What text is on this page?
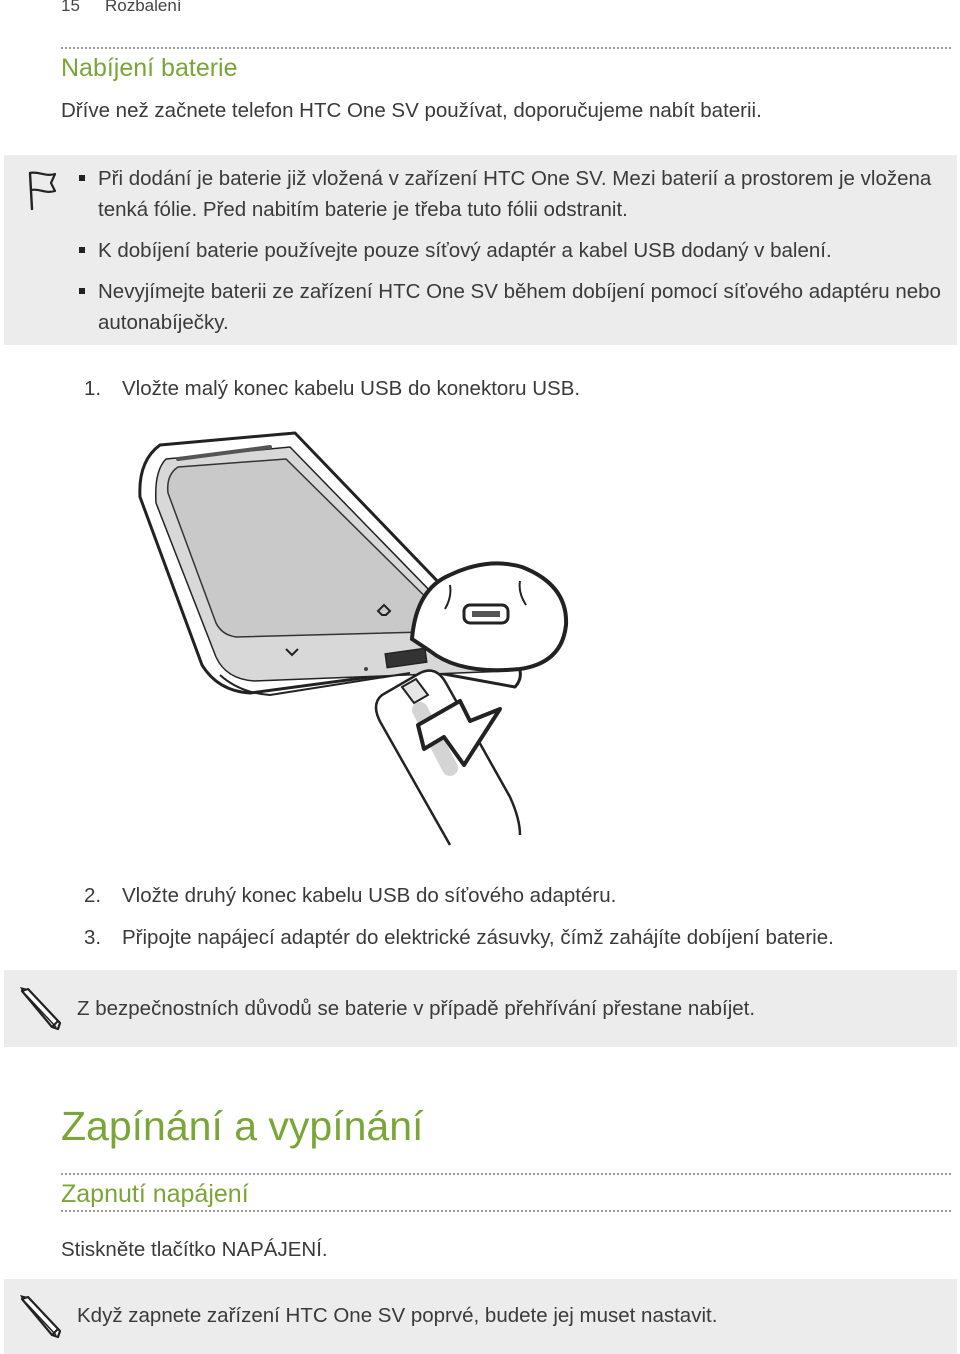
15 Rozbalení
Nabíjení baterie
Dříve než začnete telefon HTC One SV používat, doporučujeme nabít baterii.
Při dodání je baterie již vložená v zařízení HTC One SV. Mezi baterií a prostorem je vložena tenká fólie. Před nabitím baterie je třeba tuto fólii odstranit.
K dobíjení baterie používejte pouze síťový adaptér a kabel USB dodaný v balení.
Nevyjímejte baterii ze zařízení HTC One SV během dobíjení pomocí síťového adaptéru nebo autonabíječky.
1. Vložte malý konec kabelu USB do konektoru USB.
2. Vložte druhý konec kabelu USB do síťového adaptéru.
3. Připojte napájecí adaptér do elektrické zásuvky, čímž zahájíte dobíjení baterie.
Z bezpečnostních důvodů se baterie v případě přehřívání přestane nabíjet.
Zapínání a vypínání
Zapnutí napájení
Stiskněte tlačítko NAPÁJENÍ.
Když zapnete zařízení HTC One SV poprvé, budete jej muset nastavit.
